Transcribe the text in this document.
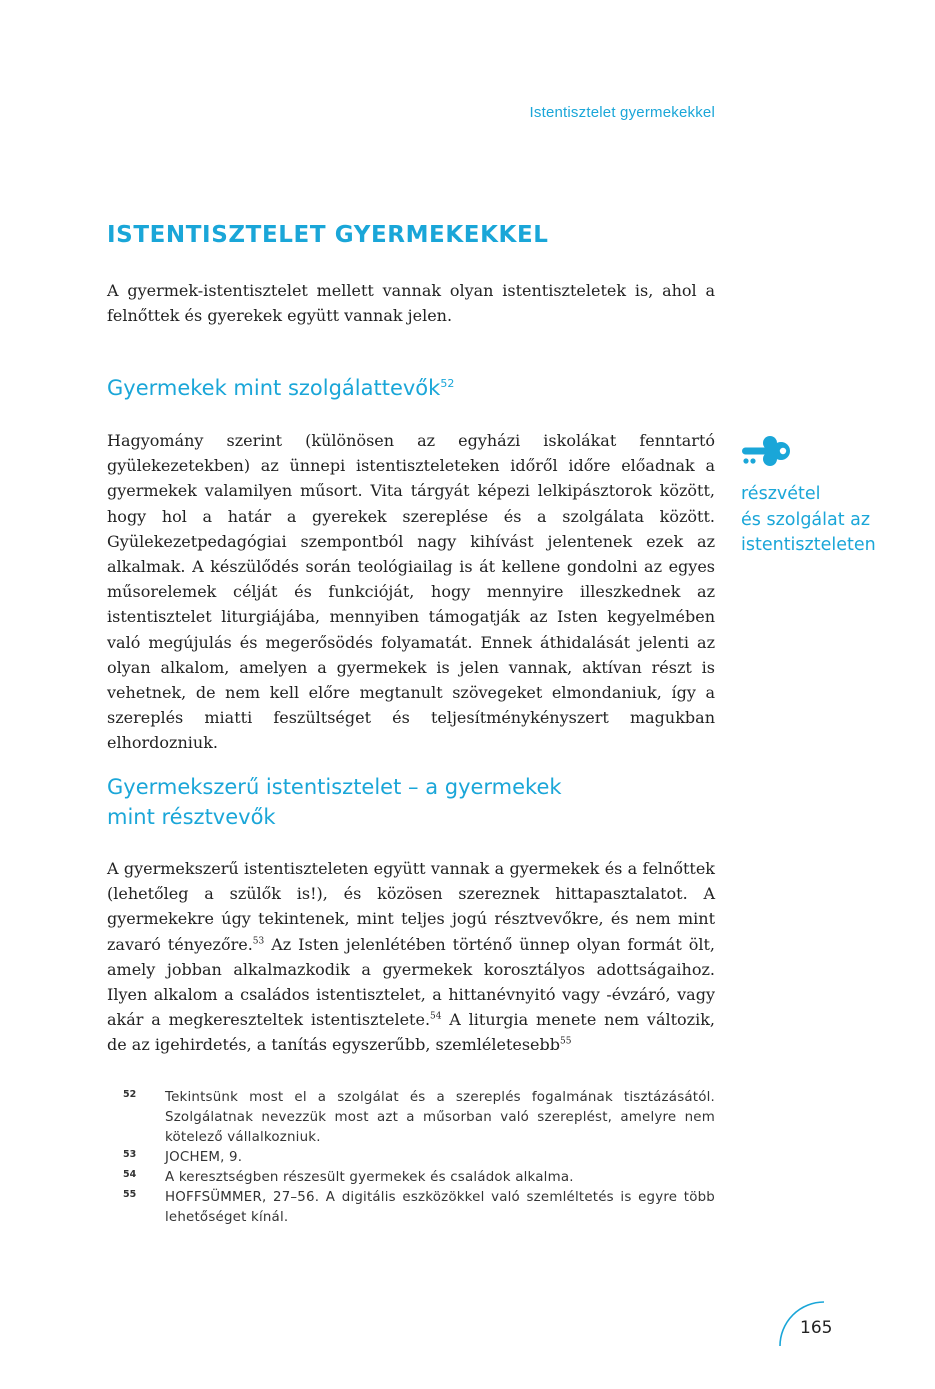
Istentisztelet gyermekekkel
ISTENTISZTELET GYERMEKEKKEL

A gyermek-istentisztelet mellett vannak olyan istentiszteletek is, ahol a felnőttek és gyerekek együtt vannak jelen.

Gyermekek mint szolgálattevők$^{52}$

Hagyomány szerint (különösen az egyházi iskolákat fenntartó gyülekezetekben) az ünnepi istentiszteleteken időről időre előadnak a gyermekek valamilyen műsort. Vita tárgyát képezi lelkipásztorok között, hogy hol a határ a gyerekek szereplése és a szolgálata között. Gyülekezetpedagógiai szempontból nagy kihívást jelentenek ezek az alkalmak. A készülődés során teológiailag is át kellene gondolni az egyes műsorelemek célját és funkcióját, hogy mennyire illeszkednek az istentisztelet liturgiájába, mennyiben támogatják az Isten kegyelmében való megújulás és megerősödés folyamatát. Ennek áthidalását jelenti az olyan alkalom, amelyen a gyermekek is jelen vannak, aktívan részt is vehetnek, de nem kell előre megtanult szövegeket elmondaniuk, így a szereplés miatti feszültséget és teljesítménykényszert magukban elhordozniuk.

részvétel
és szolgálat az
istentiszteleten
Gyermekszerű istentisztelet – a gyermekek
mint résztvevők

A gyermekszerű istentiszteleten együtt vannak a gyermekek és a felnőttek (lehetőleg a szülők is!), és közösen szereznek hittapasztalatot. A gyermekekre úgy tekintenek, mint teljes jogú résztvevőkre, és nem mint zavaró tényezőre.$^{53}$ Az Isten jelenlétében történő ünnep olyan formát ölt, amely jobban alkalmazkodik a gyermekek korosztályos adottságaihoz. Ilyen alkalom a családos istentisztelet, a hittanévnyitó vagy -évzáró, vagy akár a megkereszteltek istentisztelete.$^{54}$ A liturgia menete nem változik, de az igehirdetés, a tanítás egyszerűbb, szemléletesebb$^{55}$

52	Tekintsünk most el a szolgálat és a szereplés fogalmának tisztázásától. Szolgálatnak nevezzük most azt a műsorban való szereplést, amelyre nem kötelező vállalkozniuk.
53	JOCHEM, 9.
54	A keresztségben részesült gyermekek és családok alkalma.
55	HOFFSÜMMER, 27–56. A digitális eszközökkel való szemléltetés is egyre több lehetőséget kínál.
165
